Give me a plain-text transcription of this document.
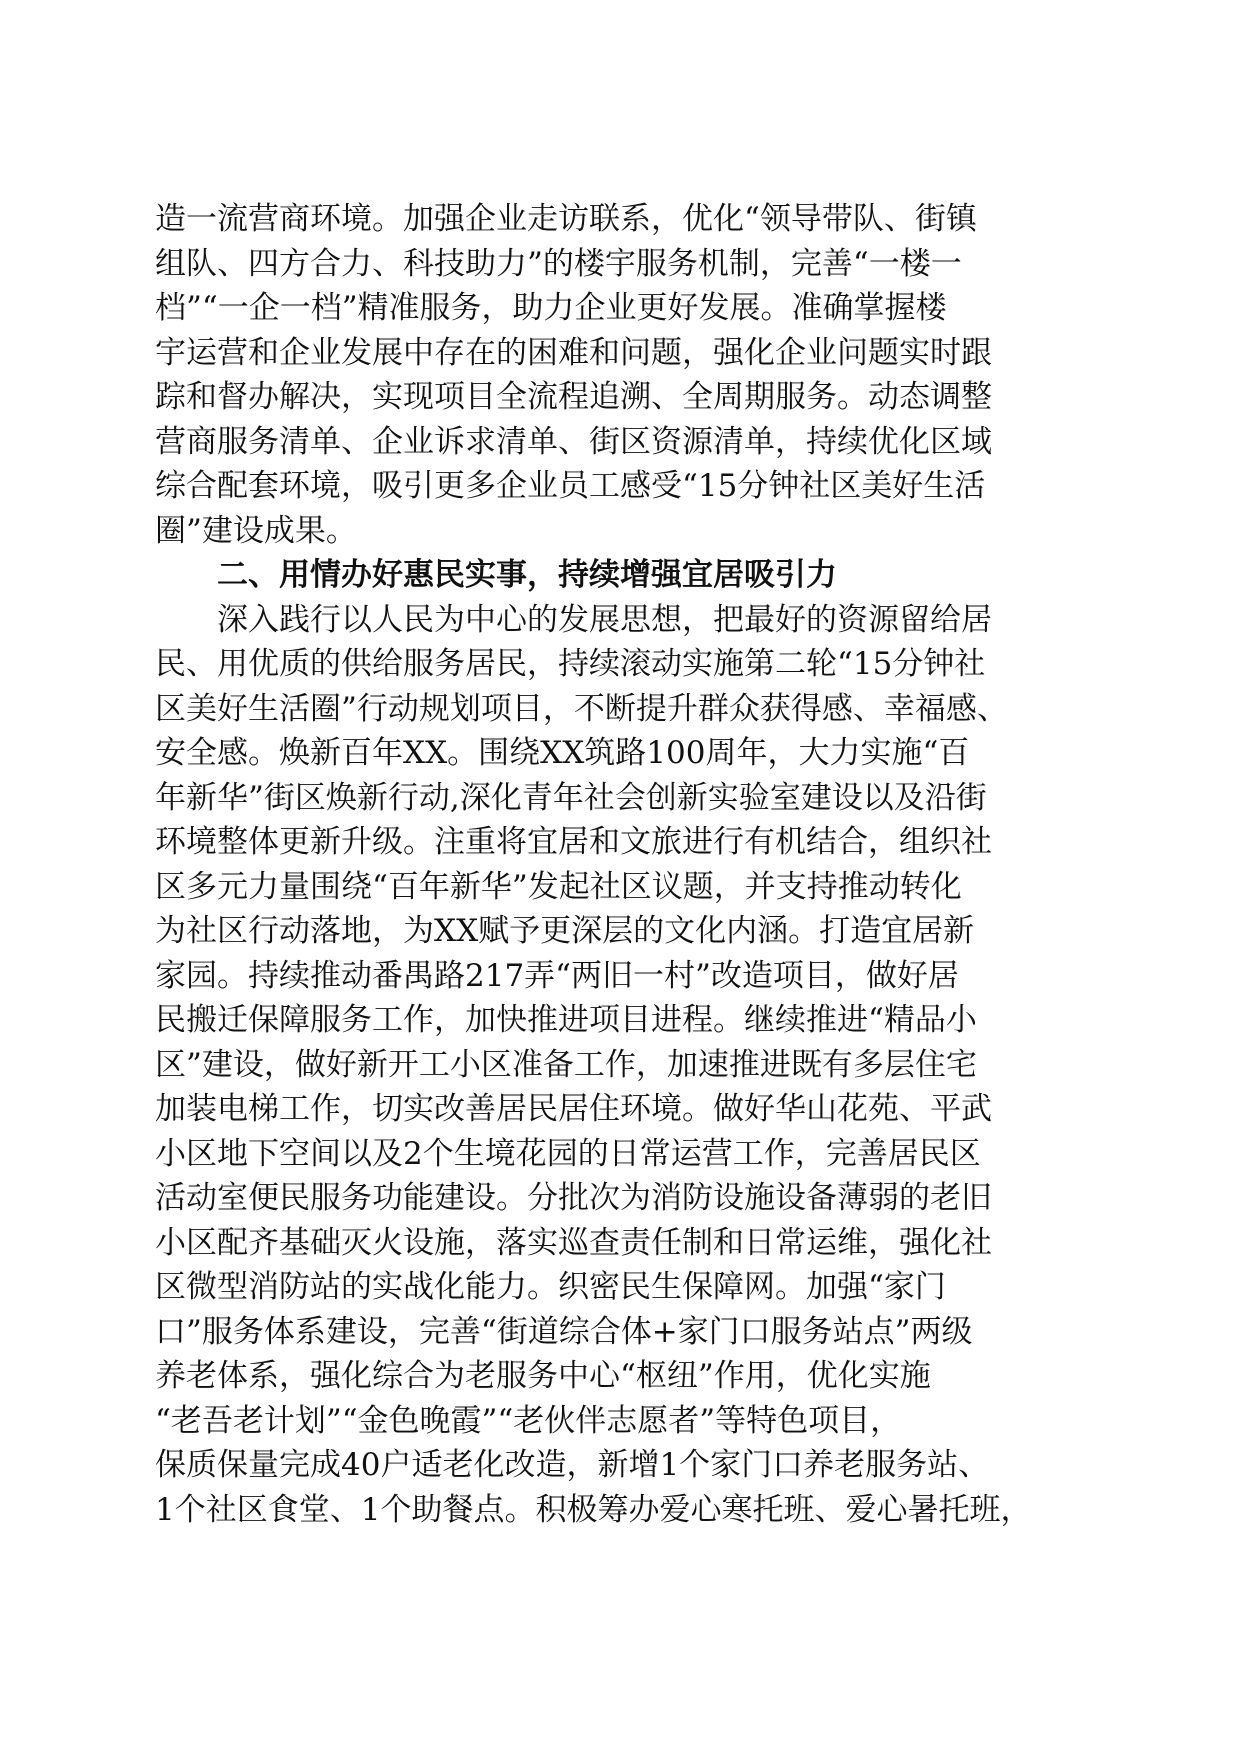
造一流营商环境。加强企业走访联系，优化“领导带队、街镇
组队、四方合力、科技助力”的楼宇服务机制，完善“一楼一
档”“一企一档”精准服务，助力企业更好发展。准确掌握楼
宇运营和企业发展中存在的困难和问题，强化企业问题实时跟
踪和督办解决，实现项目全流程追溯、全周期服务。动态调整
营商服务清单、企业诉求清单、街区资源清单，持续优化区域
综合配套环境，吸引更多企业员工感受“15分钟社区美好生活
圈”建设成果。
二、用情办好惠民实事，持续增强宜居吸引力
深入践行以人民为中心的发展思想，把最好的资源留给居
民、用优质的供给服务居民，持续滚动实施第二轮“15分钟社
区美好生活圈”行动规划项目，不断提升群众获得感、幸福感、
安全感。焕新百年XX。围绕XX筑路100周年，大力实施“百
年新华”街区焕新行动,深化青年社会创新实验室建设以及沿街
环境整体更新升级。注重将宜居和文旅进行有机结合，组织社
区多元力量围绕“百年新华”发起社区议题，并支持推动转化
为社区行动落地，为XX赋予更深层的文化内涵。打造宜居新
家园。持续推动番禺路217弄“两旧一村”改造项目，做好居
民搬迁保障服务工作，加快推进项目进程。继续推进“精品小
区”建设，做好新开工小区准备工作，加速推进既有多层住宅
加装电梯工作，切实改善居民居住环境。做好华山花苑、平武
小区地下空间以及2个生境花园的日常运营工作，完善居民区
活动室便民服务功能建设。分批次为消防设施设备薄弱的老旧
小区配齐基础灭火设施，落实巡查责任制和日常运维，强化社
区微型消防站的实战化能力。织密民生保障网。加强“家门
口”服务体系建设，完善“街道综合体+家门口服务站点”两级
养老体系，强化综合为老服务中心“枢纽”作用，优化实施
“老吾老计划”“金色晚霞”“老伙伴志愿者”等特色项目，
保质保量完成40户适老化改造，新增1个家门口养老服务站、
1个社区食堂、1个助餐点。积极筹办爱心寒托班、爱心暑托班，
